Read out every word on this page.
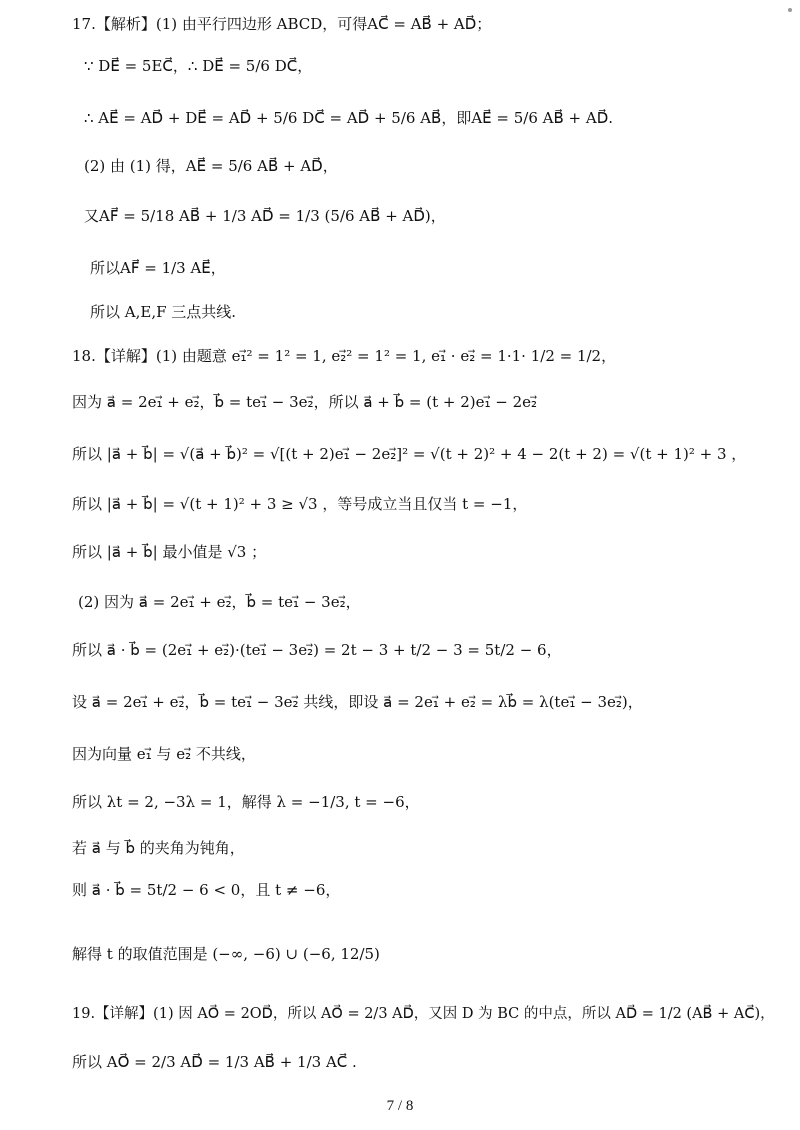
17.【解析】(1) 由平行四边形 ABCD，可得AC⃗ = AB⃗ + AD⃗；
∵ DE⃗ = 5EC⃗，∴ DE⃗ = 5/6 DC⃗，
∴ AE⃗ = AD⃗ + DE⃗ = AD⃗ + 5/6 DC⃗ = AD⃗ + 5/6 AB⃗，即AE⃗ = 5/6 AB⃗ + AD⃗.
(2) 由 (1) 得，AE⃗ = 5/6 AB⃗ + AD⃗，
又AF⃗ = 5/18 AB⃗ + 1/3 AD⃗ = 1/3 (5/6 AB⃗ + AD⃗)，
所以AF⃗ = 1/3 AE⃗，
所以 A,E,F 三点共线.
18.【详解】(1) 由题意 e₁⃗² = 1² = 1, e₂⃗² = 1² = 1, e₁⃗ · e₂⃗ = 1·1· 1/2 = 1/2，
因为 a⃗ = 2e₁⃗ + e₂⃗，b⃗ = te₁⃗ − 3e₂⃗，所以 a⃗ + b⃗ = (t + 2)e₁⃗ − 2e₂⃗
所以 |a⃗ + b⃗| = √(a⃗ + b⃗)² = √[(t + 2)e₁⃗ − 2e₂⃗]² = √(t + 2)² + 4 − 2(t + 2) = √(t + 1)² + 3 ，
所以 |a⃗ + b⃗| = √(t + 1)² + 3 ≥ √3 ，等号成立当且仅当 t = −1，
所以 |a⃗ + b⃗| 最小值是 √3 ；
(2) 因为 a⃗ = 2e₁⃗ + e₂⃗，b⃗ = te₁⃗ − 3e₂⃗，
所以 a⃗ · b⃗ = (2e₁⃗ + e₂⃗)·(te₁⃗ − 3e₂⃗) = 2t − 3 + t/2 − 3 = 5t/2 − 6，
设 a⃗ = 2e₁⃗ + e₂⃗，b⃗ = te₁⃗ − 3e₂⃗ 共线，即设 a⃗ = 2e₁⃗ + e₂⃗ = λb⃗ = λ(te₁⃗ − 3e₂⃗)，
因为向量 e₁⃗ 与 e₂⃗ 不共线，
所以 λt = 2, −3λ = 1，解得 λ = −1/3, t = −6，
若 a⃗ 与 b⃗ 的夹角为钝角，
则 a⃗ · b⃗ = 5t/2 − 6 < 0，且 t ≠ −6，
解得 t 的取值范围是 (−∞, −6) ∪ (−6, 12/5)
19.【详解】(1) 因 AO⃗ = 2OD⃗，所以 AO⃗ = 2/3 AD⃗，又因 D 为 BC 的中点，所以 AD⃗ = 1/2 (AB⃗ + AC⃗)，
所以 AO⃗ = 2/3 AD⃗ = 1/3 AB⃗ + 1/3 AC⃗ .
7 / 8
